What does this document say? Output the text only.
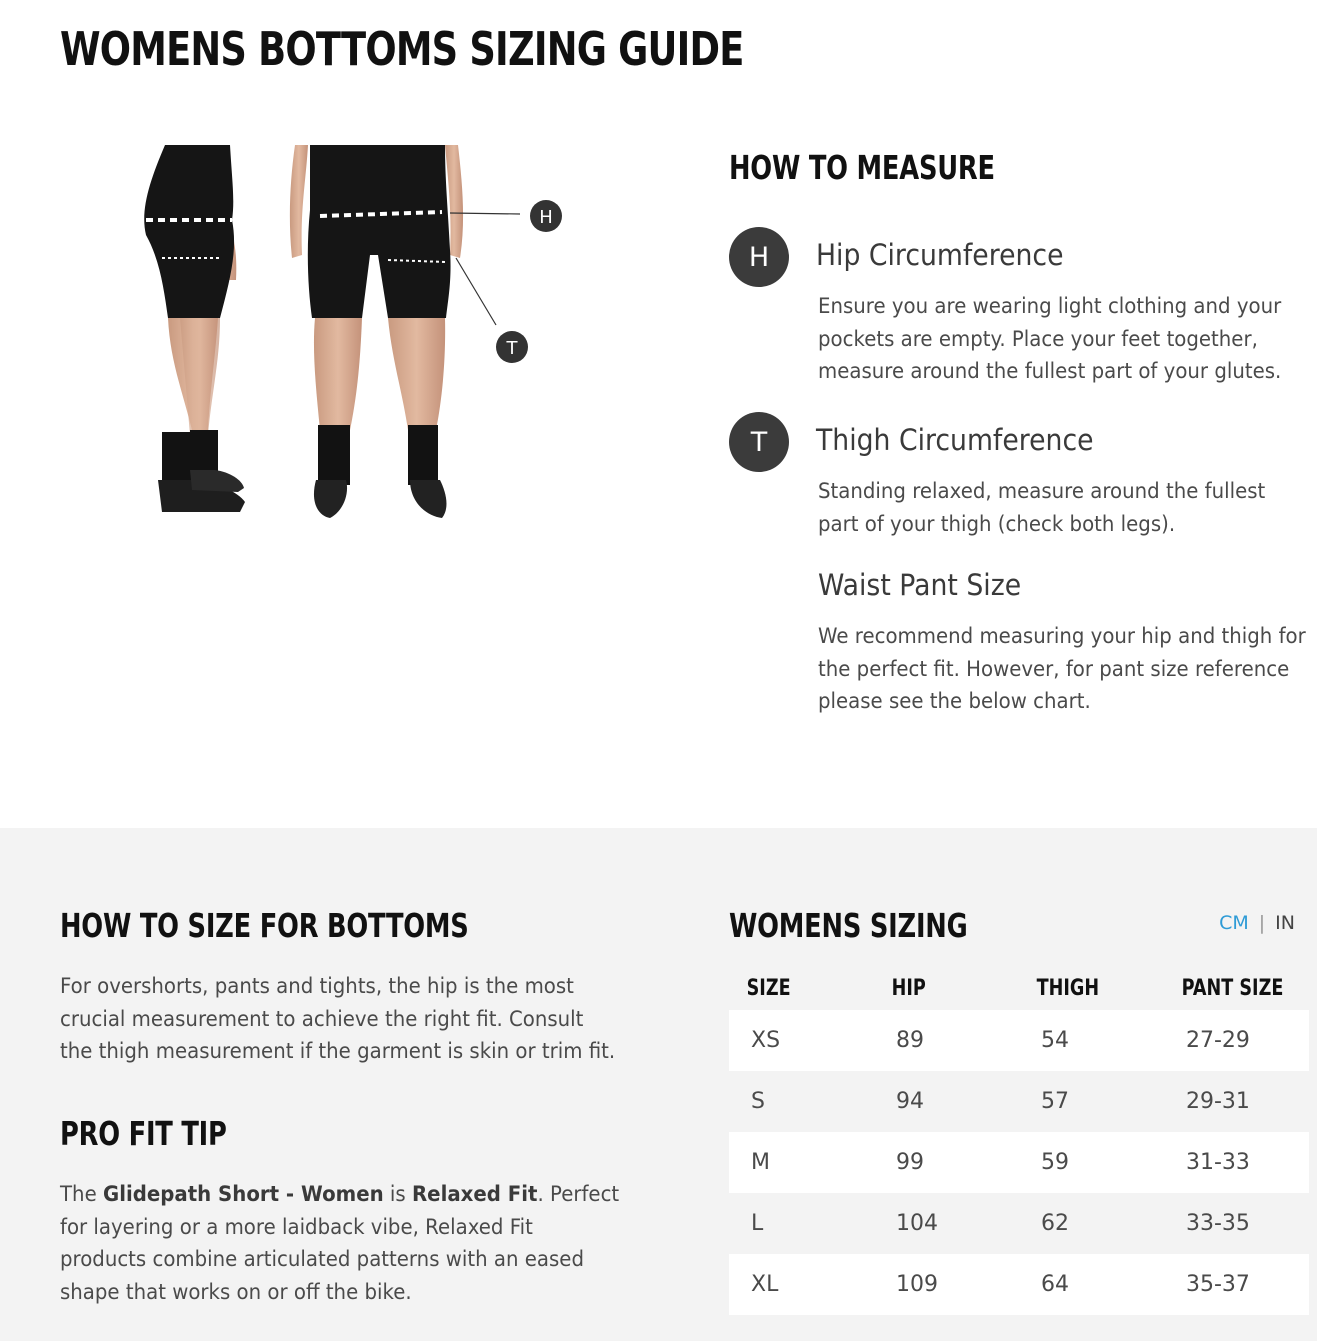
WOMENS BOTTOMS SIZING GUIDE
H
T
HOW TO MEASURE
H	Hip Circumference
Ensure you are wearing light clothing and your pockets are empty. Place your feet together, measure around the fullest part of your glutes.
T	Thigh Circumference
Standing relaxed, measure around the fullest part of your thigh (check both legs).
Waist Pant Size
We recommend measuring your hip and thigh for the perfect fit. However, for pant size reference please see the below chart.
HOW TO SIZE FOR BOTTOMS
For overshorts, pants and tights, the hip is the most crucial measurement to achieve the right fit. Consult the thigh measurement if the garment is skin or trim fit.
PRO FIT TIP
The Glidepath Short - Women is Relaxed Fit. Perfect for layering or a more laidback vibe, Relaxed Fit products combine articulated patterns with an eased shape that works on or off the bike.
WOMENS SIZING	CM | IN
SIZE	HIP	THIGH	PANT SIZE
XS	89	54	27-29
S	94	57	29-31
M	99	59	31-33
L	104	62	33-35
XL	109	64	35-37
